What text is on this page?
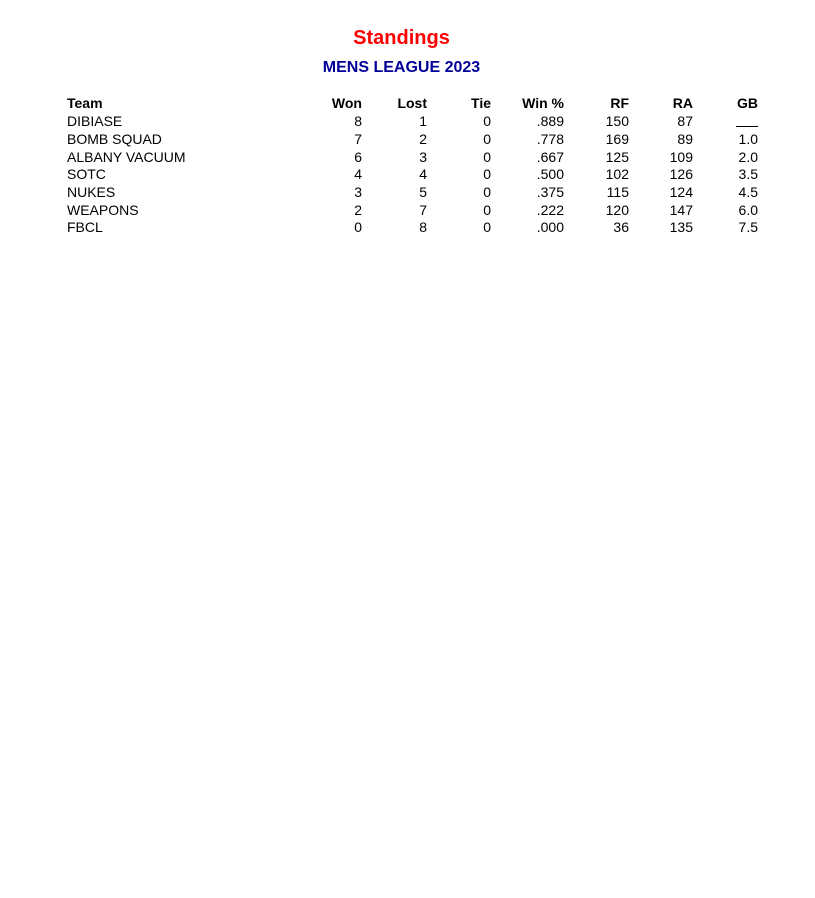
Standings
MENS LEAGUE 2023
Team	Won	Lost	Tie	Win %	RF	RA	GB
DIBIASE	8	1	0	.889	150	87	
BOMB SQUAD	7	2	0	.778	169	89	1.0
ALBANY VACUUM	6	3	0	.667	125	109	2.0
SOTC	4	4	0	.500	102	126	3.5
NUKES	3	5	0	.375	115	124	4.5
WEAPONS	2	7	0	.222	120	147	6.0
FBCL	0	8	0	.000	36	135	7.5
